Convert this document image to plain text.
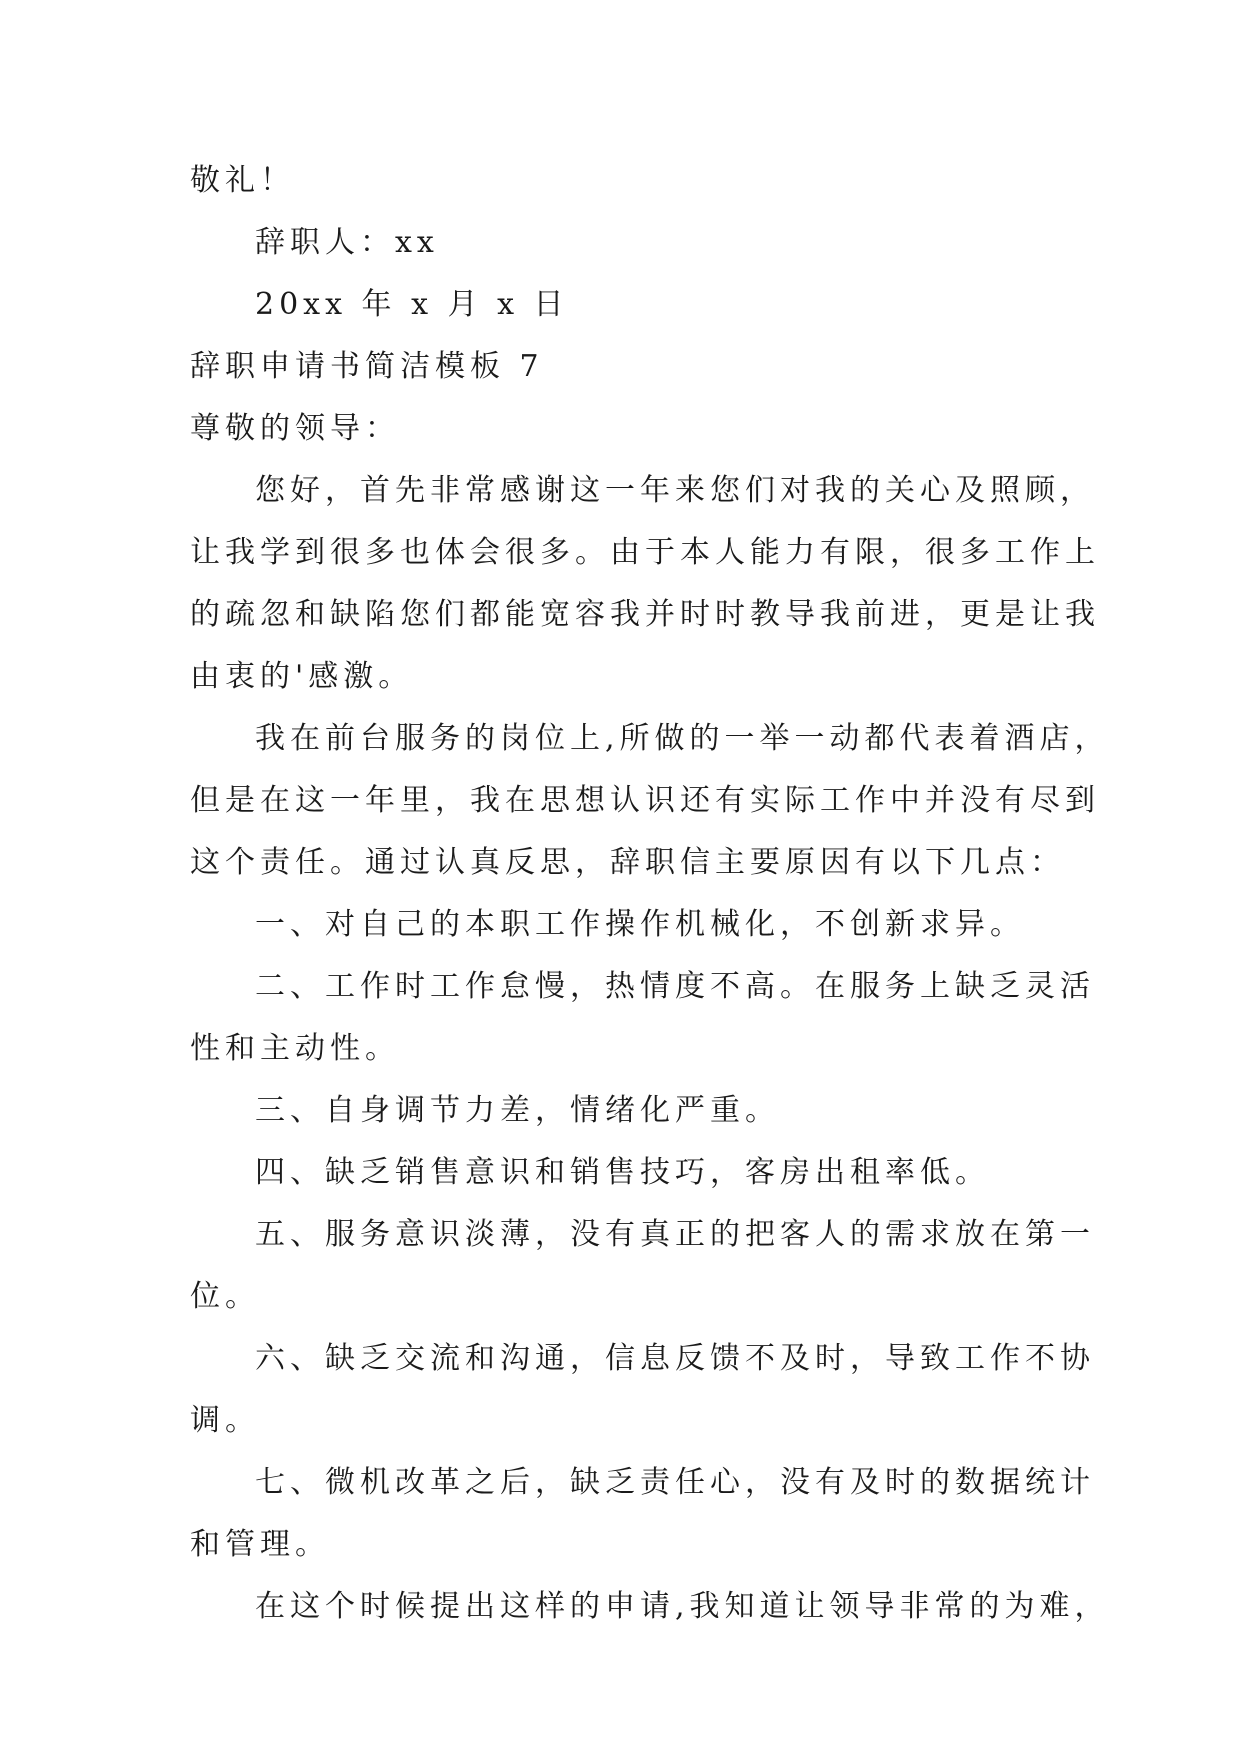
敬礼！
辞职人：xx
20xx 年 x 月 x 日
辞职申请书简洁模板 7
尊敬的领导：
您好，首先非常感谢这一年来您们对我的关心及照顾，
让我学到很多也体会很多。由于本人能力有限，很多工作上
的疏忽和缺陷您们都能宽容我并时时教导我前进，更是让我
由衷的'感激。
我在前台服务的岗位上,所做的一举一动都代表着酒店，
但是在这一年里，我在思想认识还有实际工作中并没有尽到
这个责任。通过认真反思，辞职信主要原因有以下几点：
一、对自己的本职工作操作机械化，不创新求异。
二、工作时工作怠慢，热情度不高。在服务上缺乏灵活
性和主动性。
三、自身调节力差，情绪化严重。
四、缺乏销售意识和销售技巧，客房出租率低。
五、服务意识淡薄，没有真正的把客人的需求放在第一
位。
六、缺乏交流和沟通，信息反馈不及时，导致工作不协
调。
七、微机改革之后，缺乏责任心，没有及时的数据统计
和管理。
在这个时候提出这样的申请,我知道让领导非常的为难，
